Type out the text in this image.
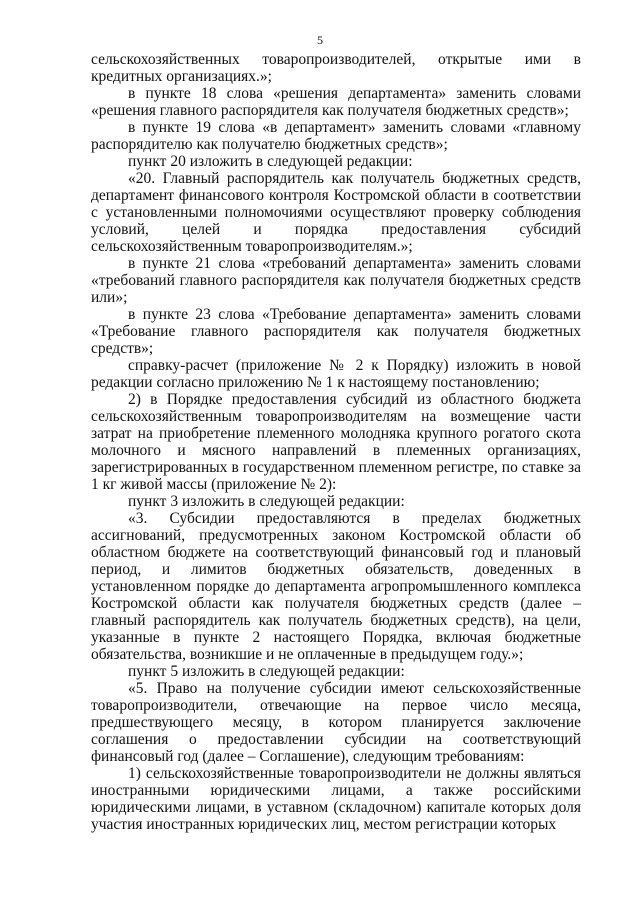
5

сельскохозяйственных товаропроизводителей, открытые ими в кредитных организациях.»;

в пункте 18 слова «решения департамента» заменить словами «решения главного распорядителя как получателя бюджетных средств»;

в пункте 19 слова «в департамент» заменить словами «главному распорядителю как получателю бюджетных средств»;

пункт 20 изложить в следующей редакции:

«20. Главный распорядитель как получатель бюджетных средств, департамент финансового контроля Костромской области в соответствии с установленными полномочиями осуществляют проверку соблюдения условий, целей и порядка предоставления субсидий сельскохозяйственным товаропроизводителям.»;

в пункте 21 слова «требований департамента» заменить словами «требований главного распорядителя как получателя бюджетных средств или»;

в пункте 23 слова «Требование департамента» заменить словами «Требование главного распорядителя как получателя бюджетных средств»;

справку-расчет (приложение № 2 к Порядку) изложить в новой редакции согласно приложению № 1 к настоящему постановлению;

2) в Порядке предоставления субсидий из областного бюджета сельскохозяйственным товаропроизводителям на возмещение части затрат на приобретение племенного молодняка крупного рогатого скота молочного и мясного направлений в племенных организациях, зарегистрированных в государственном племенном регистре, по ставке за 1 кг живой массы (приложение № 2):

пункт 3 изложить в следующей редакции:

«3. Субсидии предоставляются в пределах бюджетных ассигнований, предусмотренных законом Костромской области об областном бюджете на соответствующий финансовый год и плановый период, и лимитов бюджетных обязательств, доведенных в установленном порядке до департамента агропромышленного комплекса Костромской области как получателя бюджетных средств (далее – главный распорядитель как получатель бюджетных средств), на цели, указанные в пункте 2 настоящего Порядка, включая бюджетные обязательства, возникшие и не оплаченные в предыдущем году.»;

пункт 5 изложить в следующей редакции:

«5. Право на получение субсидии имеют сельскохозяйственные товаропроизводители, отвечающие на первое число месяца, предшествующего месяцу, в котором планируется заключение соглашения о предоставлении субсидии на соответствующий финансовый год (далее – Соглашение), следующим требованиям:

1) сельскохозяйственные товаропроизводители не должны являться иностранными юридическими лицами, а также российскими юридическими лицами, в уставном (складочном) капитале которых доля участия иностранных юридических лиц, местом регистрации которых
